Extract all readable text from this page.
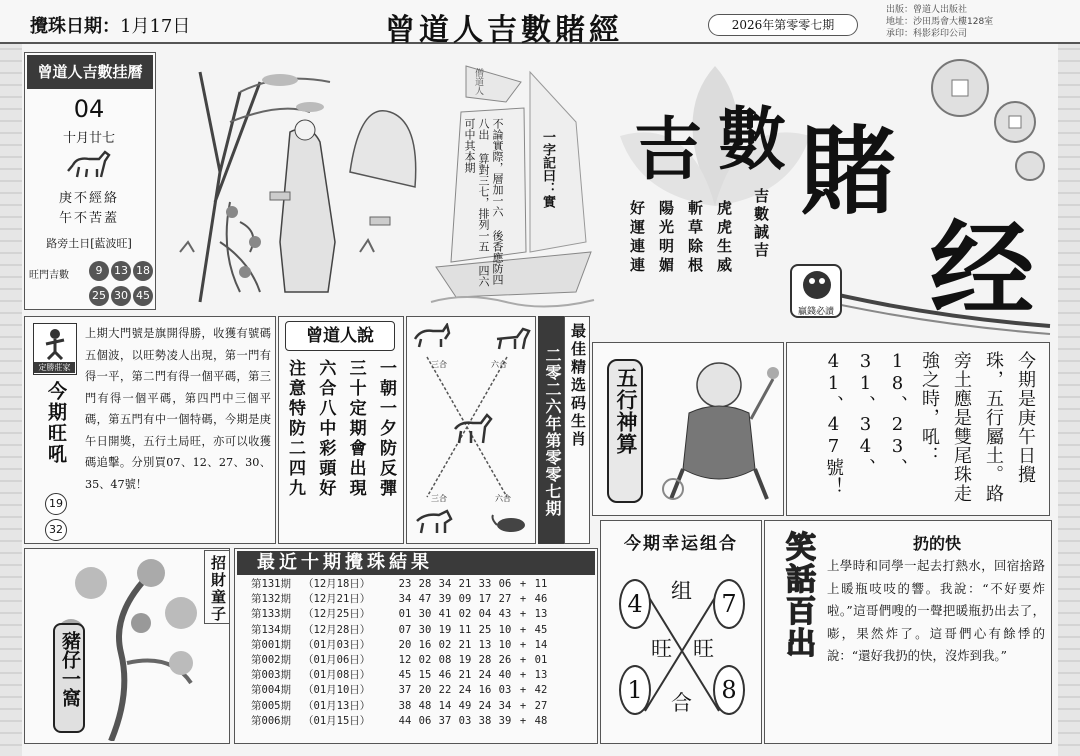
攪珠日期：1月17日	曾道人吉數賭經	2026年第零零七期
出版：曾道人出版社
地址：沙田馬會大樓128室
承印：科影彩印公司
曾道人吉數挂曆
04
十月廿七
庚不經絡
午不苦蓋
路旁土日[藍波旺]
旺門吉數	9	13 18
25 30 45
僧道人
不論實際，層加一六 後香應防四八出 算對三七，排列一五 四六可中其本期	一字記曰：實 吉 數 賭
经
贏錢必讀
吉數誠吉
虎虎生威
斬草除根
陽光明媚
好運連連
定勝莊家
今期旺吼
19
32
上期大門號是旗開得勝，收獲有號碼五個波，以旺勢凌人出現，第一門有得一平，第二門有得一個平碼，第三門有得一個平碼，第四門中三個平碼，第五門有中一個特碼，今期是庚午日開獎，五行土局旺，亦可以收獲碼追擊。分別買07、12、27、30、35、47號！
曾道人說
一朝一夕防反彈
三十定期會出現
六合八中彩頭好
注意特防二四九	三合	六合
三合	六合	二零二六年第零零七期 最佳精选码生肖 五行神算	今期是庚午日攪珠，五行屬土。路旁土應是雙尾珠走強之時，吼：18、23、31、34、41、47號！
豬仔一窩
招財童子	最近十期攪珠結果
第131期	（12月18日）	23 28 34 21 33 06 + 11
第132期	（12月21日）	34 47 39 09 17 27 + 46
第133期	（12月25日）	01 30 41 02 04 43 + 13
第134期	（12月28日）	07 30 19 11 25 10 + 45
第001期	（01月03日）	20 16 02 21 13 10 + 14
第002期	（01月06日）	12 02 08 19 28 26 + 01
第003期	（01月08日）	45 15 46 21 24 40 + 13
第004期	（01月10日）	37 20 22 24 16 03 + 42
第005期	（01月13日）	38 48 14 49 24 34 + 27
第006期	（01月15日）	44 06 37 03 38 39 + 48
今期幸运组合
4	7
1	8
组
旺 旺
合
笑話百出	扔的快
上學時和同學一起去打熱水，回宿捨路上暖瓶吱吱的響。我說：“不好要炸啦。”這哥們嗖的一聲把暖瓶扔出去了，嘭，果然炸了。這哥們心有餘悸的說：“還好我扔的快，沒炸到我。”
